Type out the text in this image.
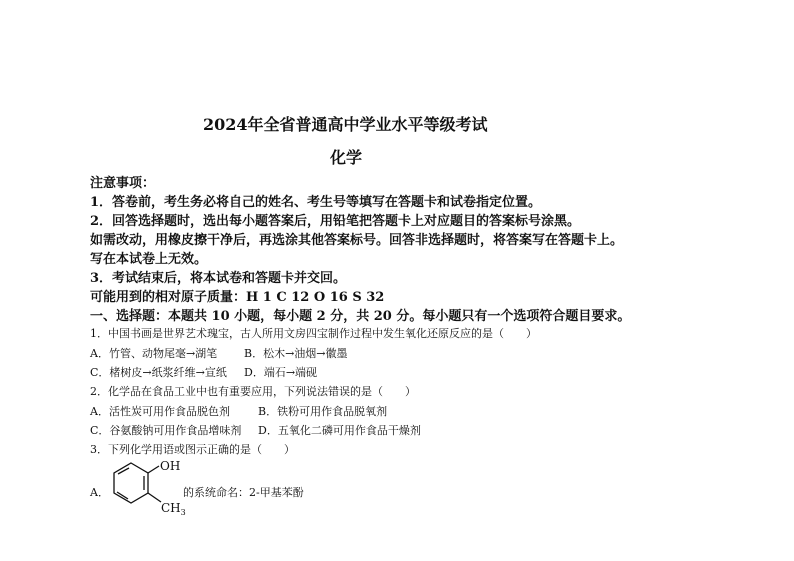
2024年全省普通高中学业水平等级考试
化学
注意事项：
1．答卷前，考生务必将自己的姓名、考生号等填写在答题卡和试卷指定位置。
2．回答选择题时，选出每小题答案后，用铅笔把答题卡上对应题目的答案标号涂黑。
如需改动，用橡皮擦干净后，再选涂其他答案标号。回答非选择题时，将答案写在答题卡上。
写在本试卷上无效。
3．考试结束后，将本试卷和答题卡并交回。
可能用到的相对原子质量：H 1 C 12 O 16 S 32
一、选择题：本题共 10 小题，每小题 2 分，共 20 分。每小题只有一个选项符合题目要求。
1．中国书画是世界艺术瑰宝，古人所用文房四宝制作过程中发生氧化还原反应的是（　　）
A．竹管、动物尾毫→湖笔 B．松木→油烟→徽墨
C．楮树皮→纸浆纤维→宣纸 D．端石→端砚
2．化学品在食品工业中也有重要应用，下列说法错误的是（　　）
A．活性炭可用作食品脱色剂	B．铁粉可用作食品脱氧剂
C．谷氨酸钠可用作食品增味剂 D．五氧化二磷可用作食品干燥剂
3．下列化学用语或图示正确的是（　　）
A．
OH
$CH_3$
的系统命名：2-甲基苯酚
